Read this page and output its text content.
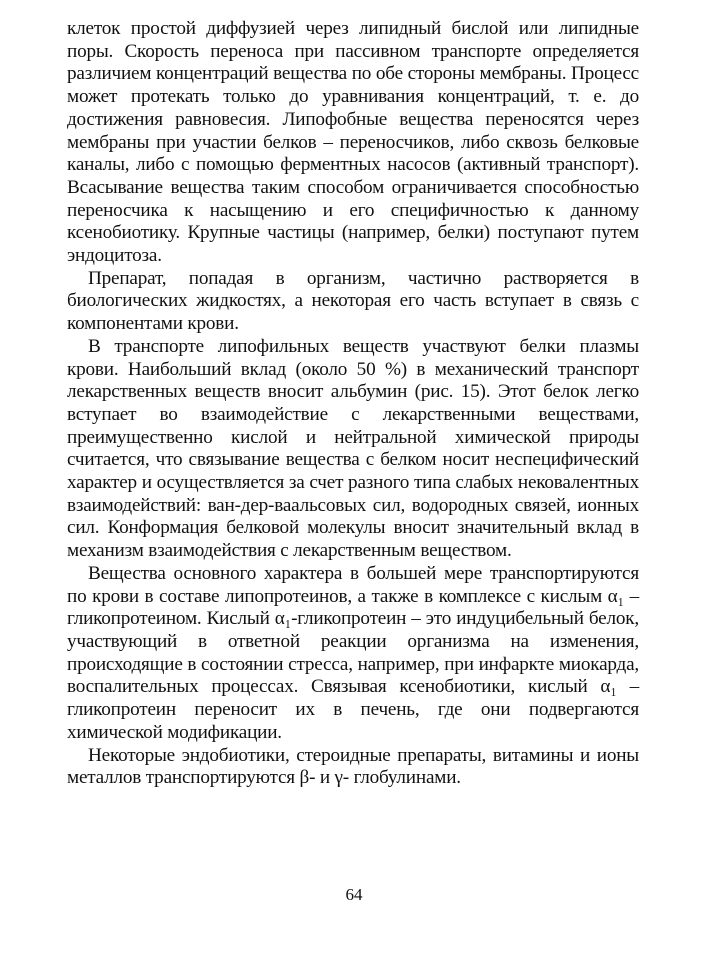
клеток простой диффузией через липидный бислой или липидные поры. Скорость переноса при пассивном транспорте определяется различием концентраций вещества по обе стороны мембраны. Процесс может протекать только до уравнивания концентраций, т. е. до достижения равновесия. Липофобные вещества переносятся через мембраны при участии белков – переносчиков, либо сквозь белковые каналы, либо с помощью ферментных насосов (активный транспорт). Всасывание вещества таким способом ограничивается способностью переносчика к насыщению и его специфичностью к данному ксенобиотику. Крупные частицы (например, белки) поступают путем эндоцитоза.

Препарат, попадая в организм, частично растворяется в биологических жидкостях, а некоторая его часть вступает в связь с компонентами крови.

В транспорте липофильных веществ участвуют белки плазмы крови. Наибольший вклад (около 50 %) в механический транспорт лекарственных веществ вносит альбумин (рис. 15). Этот белок легко вступает во взаимодействие с лекарственными веществами, преимущественно кислой и нейтральной химической природы считается, что связывание вещества с белком носит неспецифический характер и осуществляется за счет разного типа слабых нековалентных взаимодействий: ван-дер-ваальсовых сил, водородных связей, ионных сил. Конформация белковой молекулы вносит значительный вклад в механизм взаимодействия с лекарственным веществом.

Вещества основного характера в большей мере транспортируются по крови в составе липопротеинов, а также в комплексе с кислым α₁ – гликопротеином. Кислый α₁-гликопротеин – это индуцибельный белок, участвующий в ответной реакции организма на изменения, происходящие в состоянии стресса, например, при инфаркте миокарда, воспалительных процессах. Связывая ксенобиотики, кислый α₁ – гликопротеин переносит их в печень, где они подвергаются химической модификации.

Некоторые эндобиотики, стероидные препараты, витамины и ионы металлов транспортируются β- и γ- глобулинами.

64
